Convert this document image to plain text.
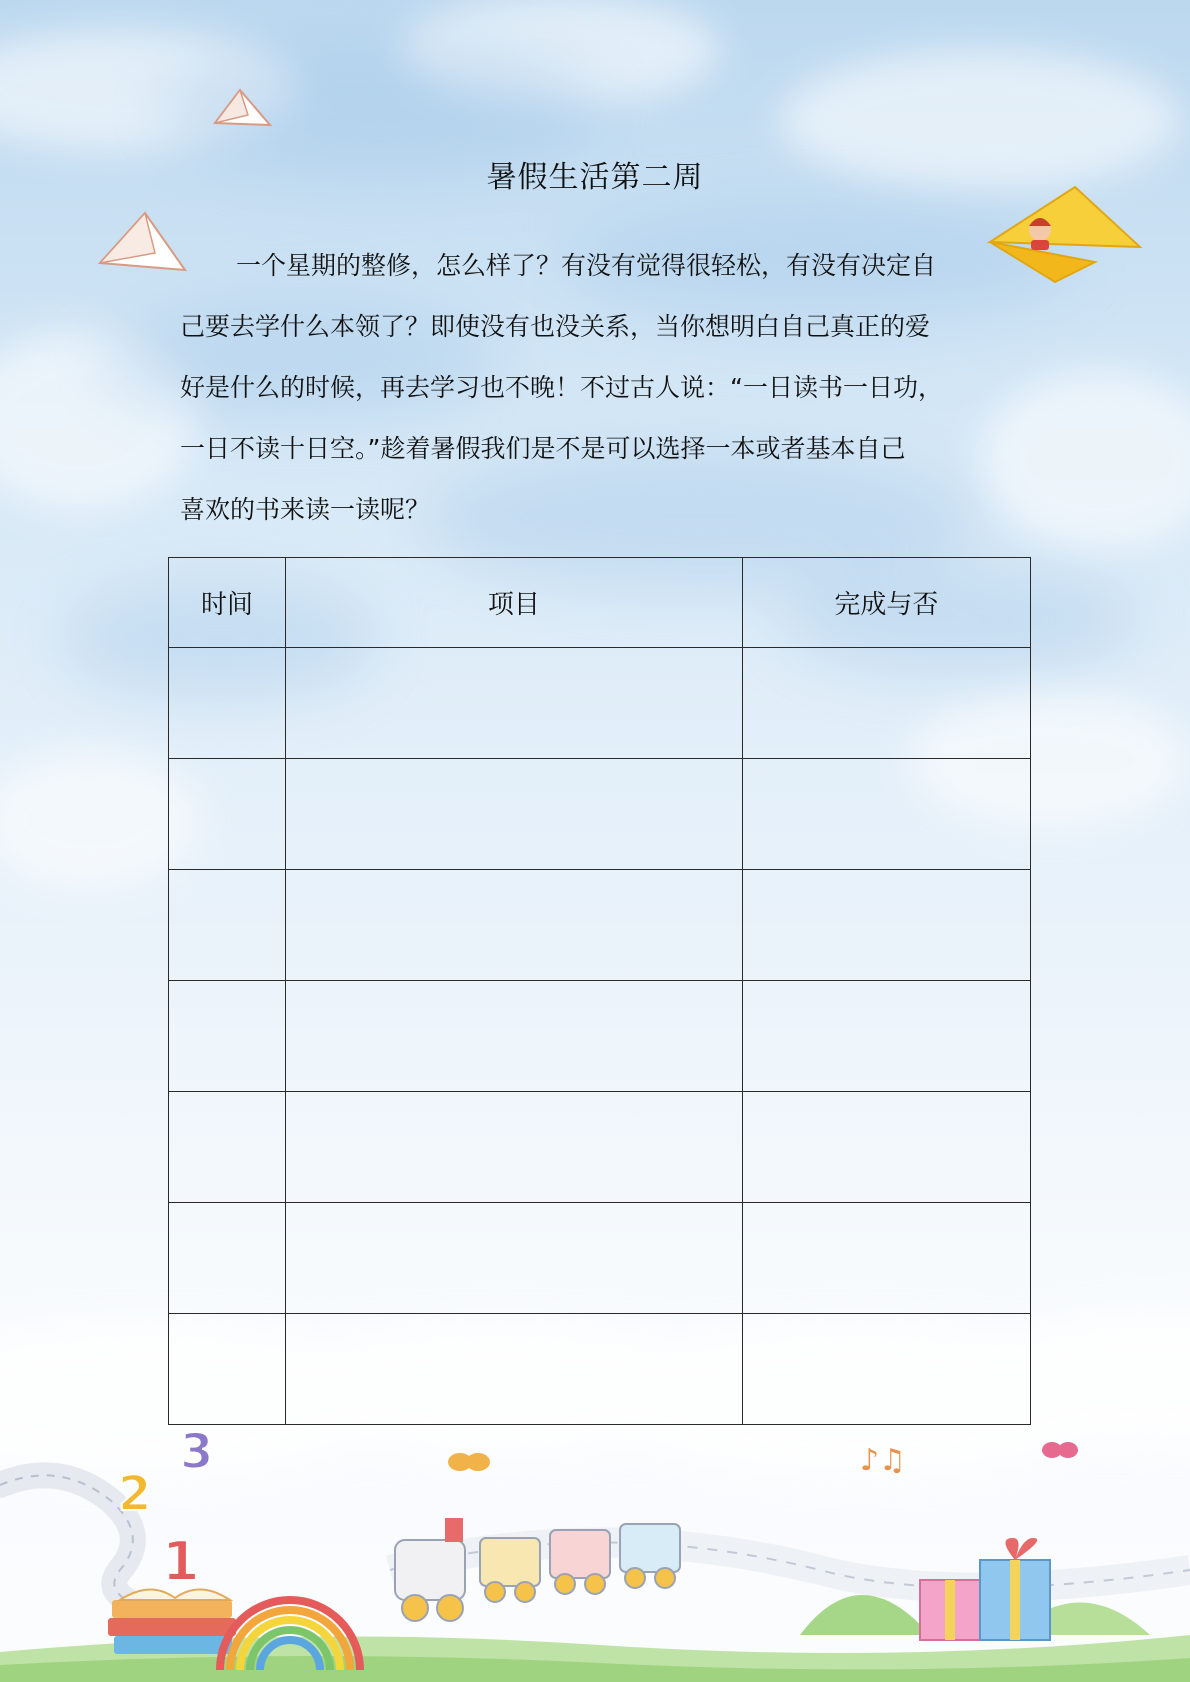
暑假生活第二周
一个星期的整修，怎么样了？有没有觉得很轻松，有没有决定自
己要去学什么本领了？即使没有也没关系，当你想明白自己真正的爱
好是什么的时候，再去学习也不晚！不过古人说：“一日读书一日功，
一日不读十日空。”趁着暑假我们是不是可以选择一本或者基本自己
喜欢的书来读一读呢？
时间	项目	完成与否

1
2
3	♪♫
